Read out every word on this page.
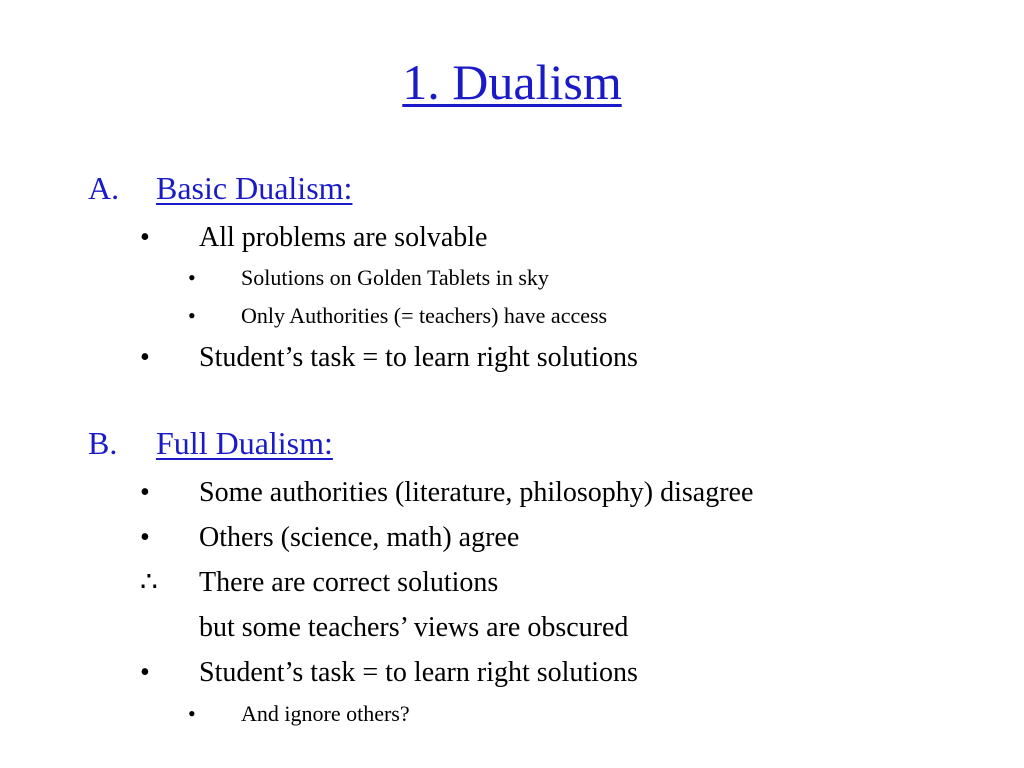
1. Dualism
A. Basic Dualism:
• All problems are solvable
• Solutions on Golden Tablets in sky
• Only Authorities (= teachers) have access
• Student’s task = to learn right solutions
B. Full Dualism:
• Some authorities (literature, philosophy) disagree
• Others (science, math) agree
∴ There are correct solutions
but some teachers’ views are obscured
• Student’s task = to learn right solutions
• And ignore others?
